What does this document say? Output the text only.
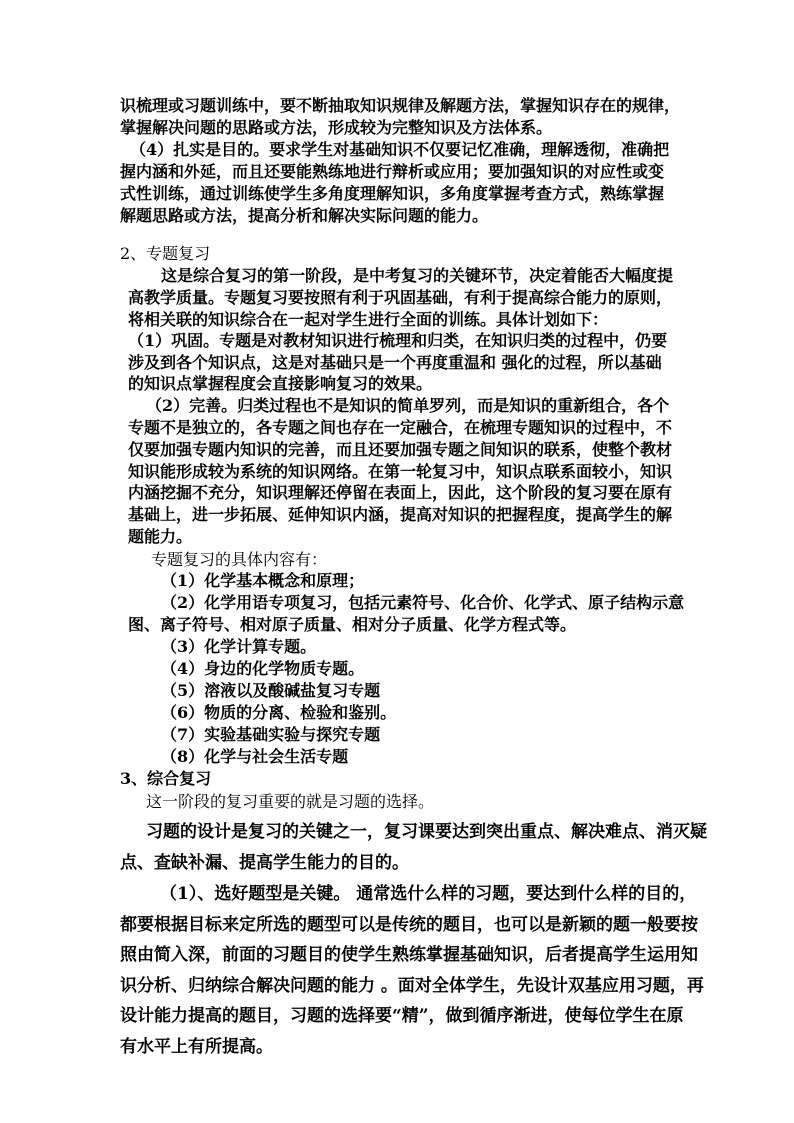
识梳理或习题训练中，要不断抽取知识规律及解题方法，掌握知识存在的规律，
掌握解决问题的思路或方法，形成较为完整知识及方法体系。
（4）扎实是目的。要求学生对基础知识不仅要记忆准确，理解透彻，准确把
握内涵和外延，而且还要能熟练地进行辩析或应用；要加强知识的对应性或变
式性训练，通过训练使学生多角度理解知识，多角度掌握考查方式，熟练掌握
解题思路或方法，提高分析和解决实际问题的能力。
2、专题复习
这是综合复习的第一阶段，是中考复习的关键环节，决定着能否大幅度提
高教学质量。专题复习要按照有利于巩固基础，有利于提高综合能力的原则，
将相关联的知识综合在一起对学生进行全面的训练。具体计划如下：
（1）巩固。专题是对教材知识进行梳理和归类，在知识归类的过程中，仍要
涉及到各个知识点，这是对基础只是一个再度重温和 强化的过程，所以基础
的知识点掌握程度会直接影响复习的效果。
（2）完善。归类过程也不是知识的简单罗列，而是知识的重新组合，各个
专题不是独立的，各专题之间也存在一定融合，在梳理专题知识的过程中，不
仅要加强专题内知识的完善，而且还要加强专题之间知识的联系，使整个教材
知识能形成较为系统的知识网络。在第一轮复习中，知识点联系面较小，知识
内涵挖掘不充分，知识理解还停留在表面上，因此，这个阶段的复习要在原有
基础上，进一步拓展、延伸知识内涵，提高对知识的把握程度，提高学生的解
题能力。
专题复习的具体内容有：
（1）化学基本概念和原理；
（2）化学用语专项复习，包括元素符号、化合价、化学式、原子结构示意
图、离子符号、相对原子质量、相对分子质量、化学方程式等。
（3）化学计算专题。
（4）身边的化学物质专题。
（5）溶液以及酸碱盐复习专题
（6）物质的分离、检验和鉴别。
（7）实验基础实验与探究专题
（8）化学与社会生活专题
3、综合复习
这一阶段的复习重要的就是习题的选择。
习题的设计是复习的关键之一，复习课要达到突出重点、解决难点、消灭疑
点、查缺补漏、提高学生能力的目的。
（1）、选好题型是关键。 通常选什么样的习题，要达到什么样的目的，
都要根据目标来定所选的题型可以是传统的题目，也可以是新颖的题一般要按
照由简入深，前面的习题目的使学生熟练掌握基础知识，后者提高学生运用知
识分析、归纳综合解决问题的能力 。面对全体学生，先设计双基应用习题，再
设计能力提高的题目，习题的选择要“精”，做到循序渐进，使每位学生在原
有水平上有所提高。
